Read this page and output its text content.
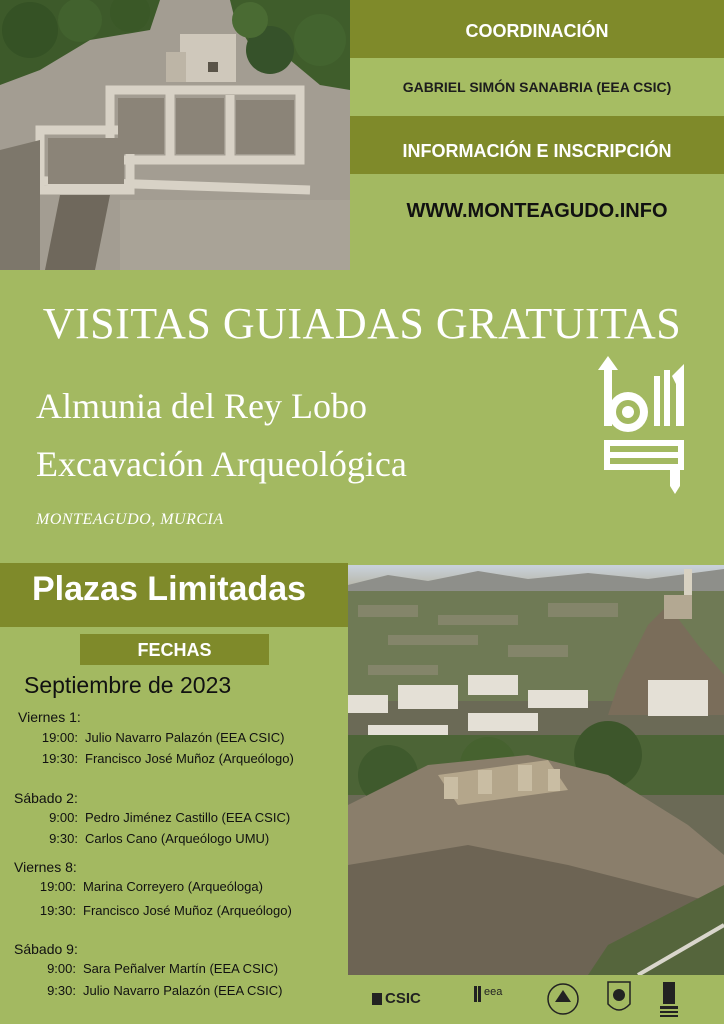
COORDINACIÓN
GABRIEL SIMÓN SANABRIA (EEA CSIC)
INFORMACIÓN E INSCRIPCIÓN
WWW.MONTEAGUDO.INFO
VISITAS GUIADAS GRATUITAS
Almunia del Rey Lobo
Excavación Arqueológica
MONTEAGUDO, MURCIA
Plazas Limitadas
FECHAS
Septiembre de 2023
Viernes 1:
19:00: Julio Navarro Palazón (EEA CSIC)
19:30: Francisco José Muñoz (Arqueólogo)
Sábado 2:
9:00: Pedro Jiménez Castillo (EEA CSIC)
9:30: Carlos Cano (Arqueólogo UMU)
Viernes 8:
19:00: Marina Correyero (Arqueóloga)
19:30: Francisco José Muñoz (Arqueólogo)
Sábado 9:
9:00: Sara Peñalver Martín (EEA CSIC)
9:30: Julio Navarro Palazón (EEA CSIC)	CSIC	eea
